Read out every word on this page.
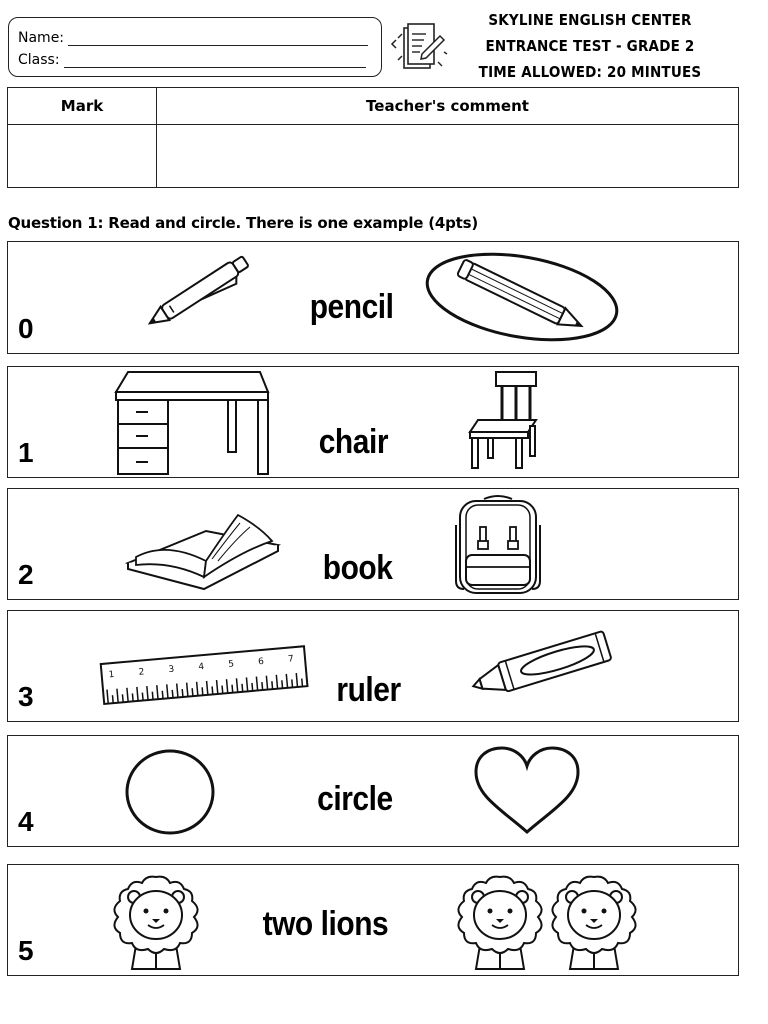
Name:
Class:
SKYLINE ENGLISH CENTER
ENTRANCE TEST - GRADE 2
TIME ALLOWED: 20 MINTUES
Mark	Teacher's comment

Question 1: Read and circle. There is one example (4pts)
0
pencil
1	chair
2	book
3
1	2	3	4	5	6	7
ruler
4
circle
5
two lions
